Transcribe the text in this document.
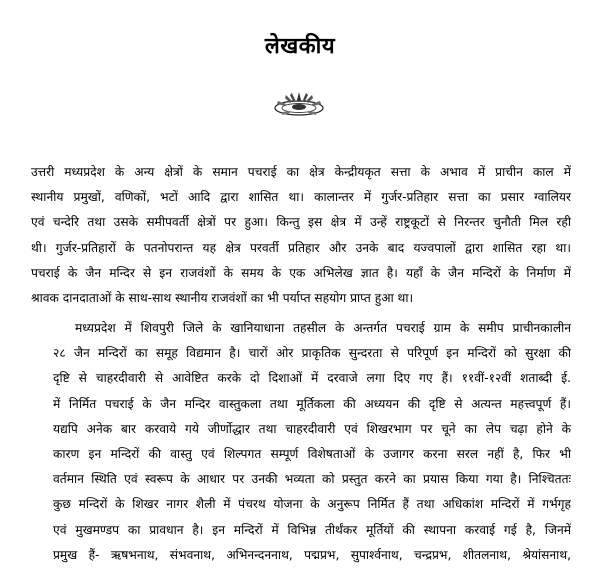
लेखकीय
उत्तरी मध्यप्रदेश के अन्य क्षेत्रों के समान पचराई का क्षेत्र केन्द्रीयकृत सत्ता के अभाव में प्राचीन काल में
स्थानीय प्रमुखों, वणिकों, भटों आदि द्वारा शासित था। कालान्तर में गुर्जर-प्रतिहार सत्ता का प्रसार ग्वालियर
एवं चन्देरि तथा उसके समीपवर्ती क्षेत्रों पर हुआ। किन्तु इस क्षेत्र में उन्हें राष्ट्रकूटों से निरन्तर चुनौती मिल रही
थी। गुर्जर-प्रतिहारों के पतनोपरान्त यह क्षेत्र परवर्ती प्रतिहार और उनके बाद यज्वपालों द्वारा शासित रहा था।
पचराई के जैन मन्दिर से इन राजवंशों के समय के एक अभिलेख ज्ञात है। यहाँ के जैन मन्दिरों के निर्माण में
श्रावक दानदाताओं के साथ-साथ स्थानीय राजवंशों का भी पर्याप्त सहयोग प्राप्त हुआ था।
मध्यप्रदेश में शिवपुरी जिले के खानियाधाना तहसील के अन्तर्गत पचराई ग्राम के समीप प्राचीनकालीन
२८ जैन मन्दिरों का समूह विद्यमान है। चारों ओर प्राकृतिक सुन्दरता से परिपूर्ण इन मन्दिरों को सुरक्षा की
दृष्टि से चाहरदीवारी से आवेष्टित करके दो दिशाओं में दरवाजे लगा दिए गए हैं। ११वीं-१२वीं शताब्दी ई.
में निर्मित पचराई के जैन मन्दिर वास्तुकला तथा मूर्तिकला की अध्ययन की दृष्टि से अत्यन्त महत्त्वपूर्ण हैं।
यद्यपि अनेक बार करवाये गये जीर्णोद्धार तथा चाहरदीवारी एवं शिखरभाग पर चूने का लेप चढ़ा होने के
कारण इन मन्दिरों की वास्तु एवं शिल्पगत सम्पूर्ण विशेषताओं के उजागर करना सरल नहीं है, फिर भी
वर्तमान स्थिति एवं स्वरूप के आधार पर उनकी भव्यता को प्रस्तुत करने का प्रयास किया गया है। निश्चिततः
कुछ मन्दिरों के शिखर नागर शैली में पंचरथ योजना के अनुरूप निर्मित हैं तथा अधिकांश मन्दिरों में गर्भगृह
एवं मुखमण्डप का प्रावधान है। इन मन्दिरों में विभिन्न तीर्थंकर मूर्तियों की स्थापना करवाई गई है, जिनमें
प्रमुख हैं- ऋषभनाथ, संभवनाथ, अभिनन्दननाथ, पद्मप्रभ, सुपार्श्वनाथ, चन्द्रप्रभ, शीतलनाथ, श्रेयांसनाथ,
